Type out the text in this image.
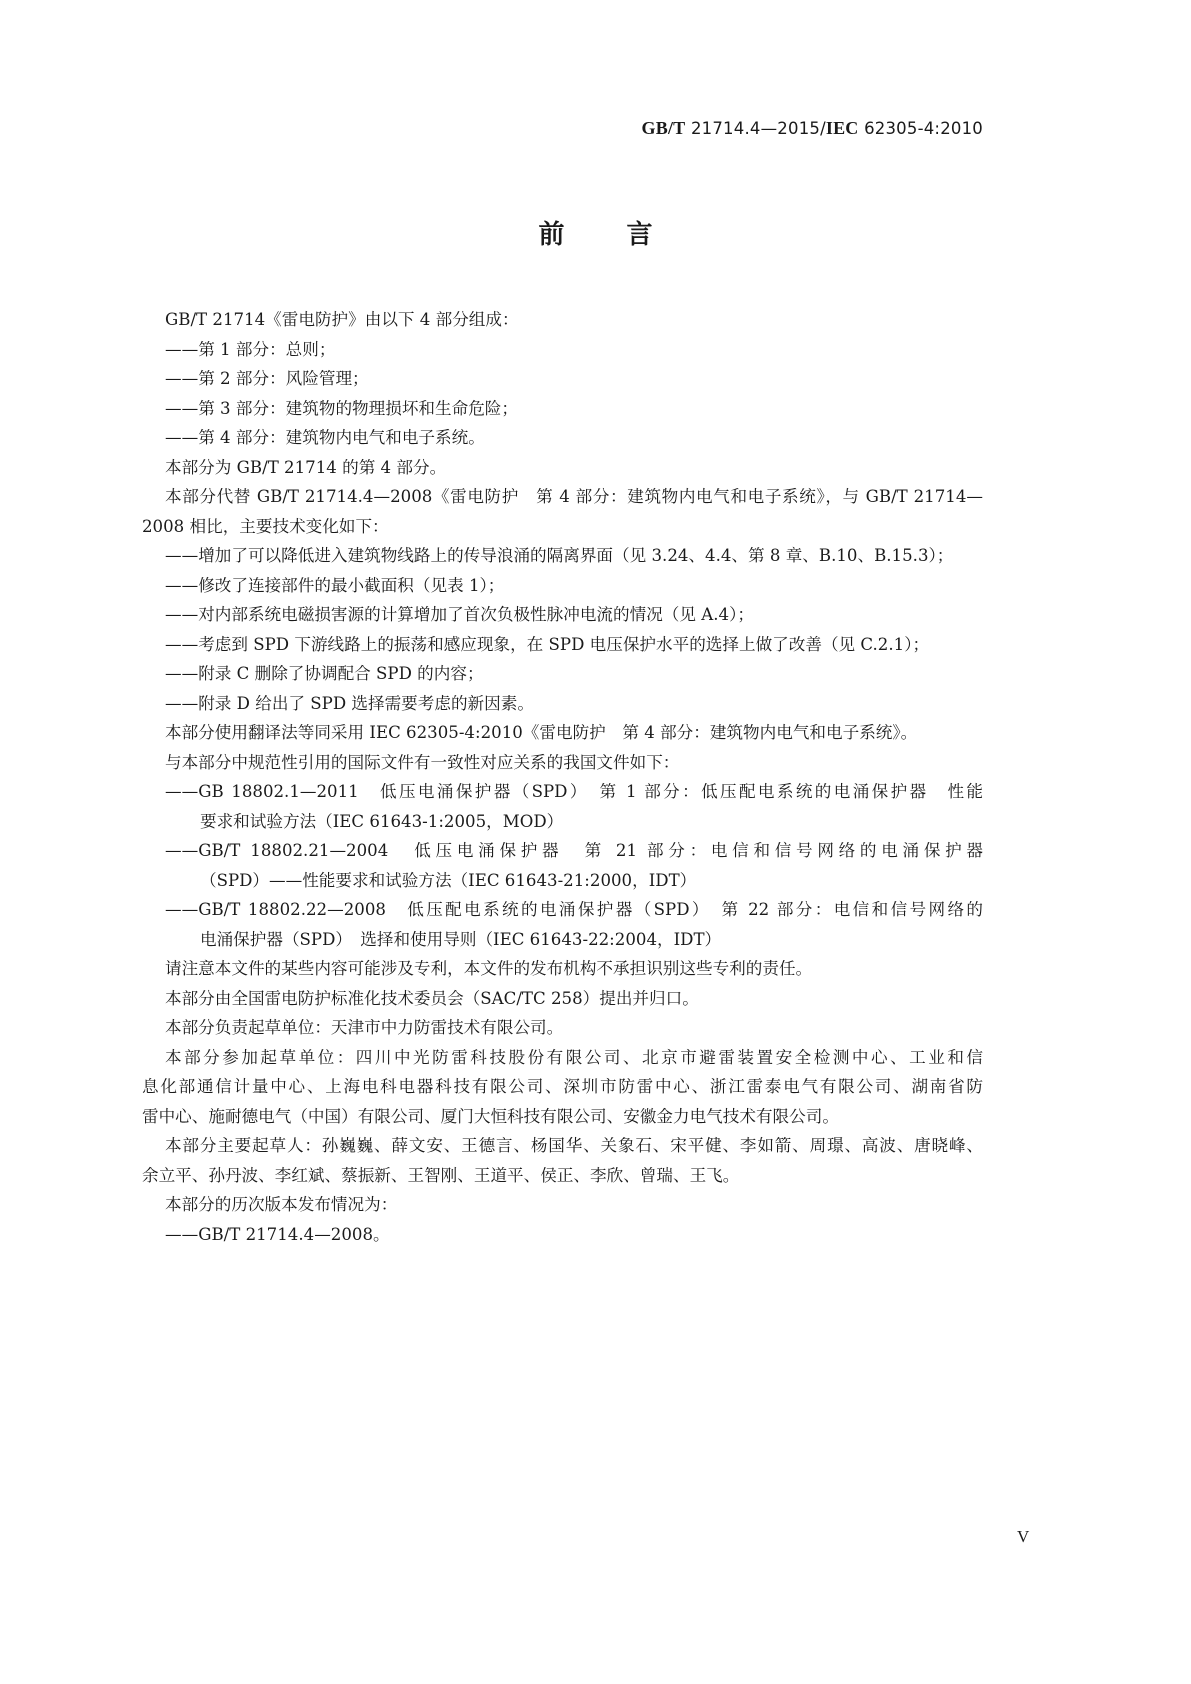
GB/T 21714.4—2015/IEC 62305-4:2010
前 言
GB/T 21714《雷电防护》由以下 4 部分组成：
——第 1 部分：总则；
——第 2 部分：风险管理；
——第 3 部分：建筑物的物理损坏和生命危险；
——第 4 部分：建筑物内电气和电子系统。
本部分为 GB/T 21714 的第 4 部分。
本部分代替 GB/T 21714.4—2008《雷电防护　第 4 部分：建筑物内电气和电子系统》，与 GB/T 21714—
2008 相比，主要技术变化如下：
——增加了可以降低进入建筑物线路上的传导浪涌的隔离界面（见 3.24、4.4、第 8 章、B.10、B.15.3）；
——修改了连接部件的最小截面积（见表 1）；
——对内部系统电磁损害源的计算增加了首次负极性脉冲电流的情况（见 A.4）；
——考虑到 SPD 下游线路上的振荡和感应现象，在 SPD 电压保护水平的选择上做了改善（见 C.2.1）；
——附录 C 删除了协调配合 SPD 的内容；
——附录 D 给出了 SPD 选择需要考虑的新因素。
本部分使用翻译法等同采用 IEC 62305-4:2010《雷电防护　第 4 部分：建筑物内电气和电子系统》。
与本部分中规范性引用的国际文件有一致性对应关系的我国文件如下：
——GB 18802.1—2011　低压电涌保护器（SPD）　第 1 部分：低压配电系统的电涌保护器　性能
要求和试验方法（IEC 61643-1:2005，MOD）
——GB/T 18802.21—2004　低压电涌保护器　第 21 部分：电信和信号网络的电涌保护器
（SPD）——性能要求和试验方法（IEC 61643-21:2000，IDT）
——GB/T 18802.22—2008　低压配电系统的电涌保护器（SPD）　第 22 部分：电信和信号网络的
电涌保护器（SPD）　选择和使用导则（IEC 61643-22:2004，IDT）
请注意本文件的某些内容可能涉及专利，本文件的发布机构不承担识别这些专利的责任。
本部分由全国雷电防护标准化技术委员会（SAC/TC 258）提出并归口。
本部分负责起草单位：天津市中力防雷技术有限公司。
本部分参加起草单位：四川中光防雷科技股份有限公司、北京市避雷装置安全检测中心、工业和信
息化部通信计量中心、上海电科电器科技有限公司、深圳市防雷中心、浙江雷泰电气有限公司、湖南省防
雷中心、施耐德电气（中国）有限公司、厦门大恒科技有限公司、安徽金力电气技术有限公司。
本部分主要起草人：孙巍巍、薛文安、王德言、杨国华、关象石、宋平健、李如箭、周璟、高波、唐晓峰、
余立平、孙丹波、李红斌、蔡振新、王智刚、王道平、侯正、李欣、曾瑞、王飞。
本部分的历次版本发布情况为：
——GB/T 21714.4—2008。
V
